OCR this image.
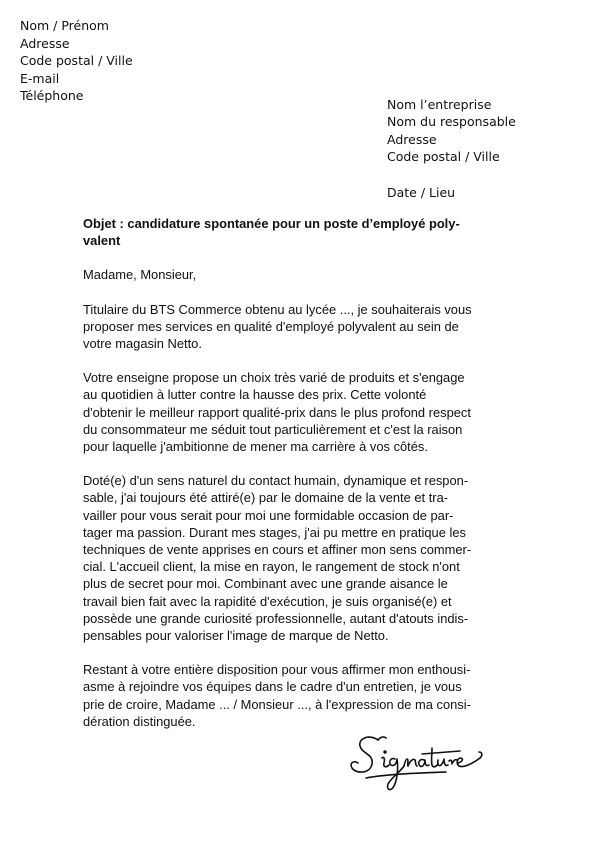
Nom / Prénom
Adresse
Code postal / Ville
E-mail
Téléphone
Nom l’entreprise
Nom du responsable
Adresse
Code postal / Ville
Date / Lieu
Objet : candidature spontanée pour un poste d’employé poly-
valent
Madame, Monsieur,
Titulaire du BTS Commerce obtenu au lycée ..., je souhaiterais vous
proposer mes services en qualité d'employé polyvalent au sein de
votre magasin Netto.
Votre enseigne propose un choix très varié de produits et s'engage
au quotidien à lutter contre la hausse des prix. Cette volonté
d'obtenir le meilleur rapport qualité-prix dans le plus profond respect
du consommateur me séduit tout particulièrement et c'est la raison
pour laquelle j'ambitionne de mener ma carrière à vos côtés.
Doté(e) d'un sens naturel du contact humain, dynamique et respon-
sable, j'ai toujours été attiré(e) par le domaine de la vente et tra-
vailler pour vous serait pour moi une formidable occasion de par-
tager ma passion. Durant mes stages, j'ai pu mettre en pratique les
techniques de vente apprises en cours et affiner mon sens commer-
cial. L'accueil client, la mise en rayon, le rangement de stock n'ont
plus de secret pour moi. Combinant avec une grande aisance le
travail bien fait avec la rapidité d'exécution, je suis organisé(e) et
possède une grande curiosité professionnelle, autant d'atouts indis-
pensables pour valoriser l'image de marque de Netto.
Restant à votre entière disposition pour vous affirmer mon enthousi-
asme à rejoindre vos équipes dans le cadre d'un entretien, je vous
prie de croire, Madame ... / Monsieur ..., à l'expression de ma consi-
dération distinguée.
